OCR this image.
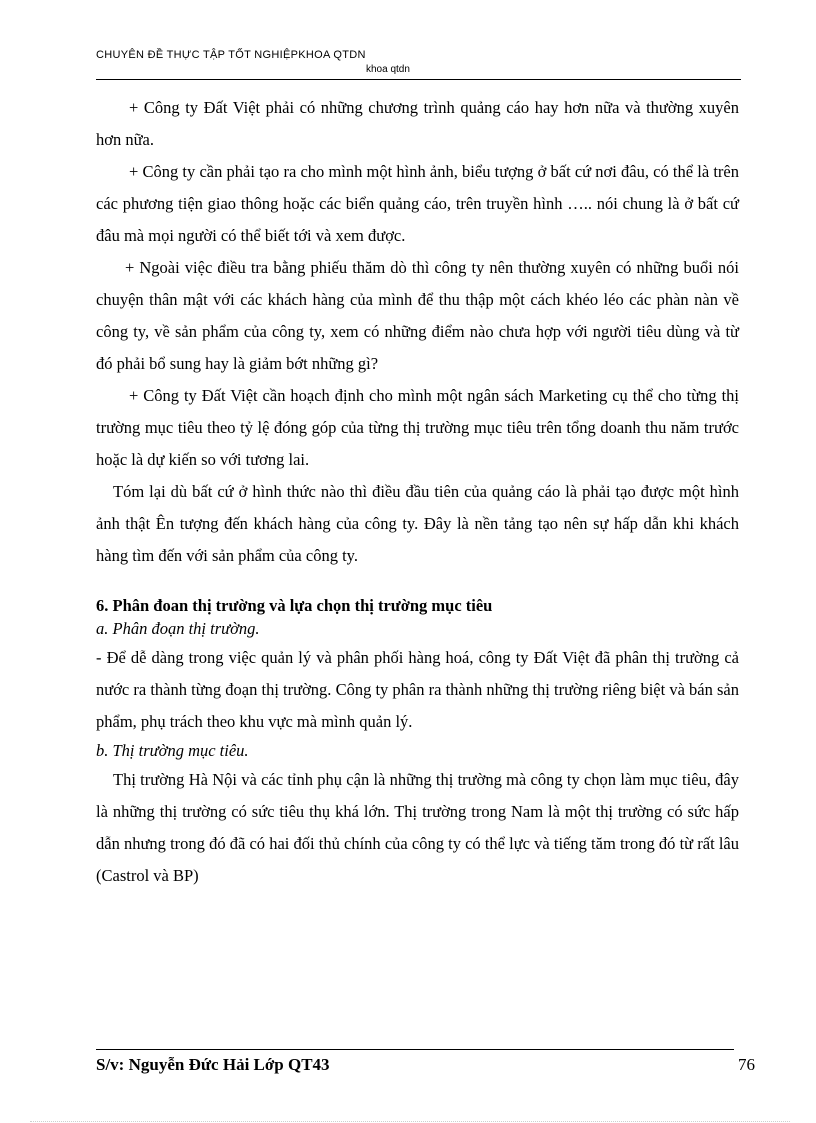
CHUYÊN ĐỀ THỰC TẬP TỐT NGHIỆPKHOA QTDN
khoa qtdn

+ Công ty Đất Việt phải có những chương trình quảng cáo hay hơn nữa và thường xuyên hơn nữa.

+ Công ty cần phải tạo ra cho mình một hình ảnh, biểu tượng ở bất cứ nơi đâu, có thể là trên các phương tiện giao thông hoặc các biển quảng cáo, trên truyền hình ….. nói chung là ở bất cứ đâu mà mọi người có thể biết tới và xem được.

+ Ngoài việc điều tra bằng phiếu thăm dò thì công ty nên thường xuyên có những buổi nói chuyện thân mật với các khách hàng của mình để thu thập một cách khéo léo các phàn nàn về công ty, về sản phẩm của công ty, xem có những điểm nào chưa hợp với người tiêu dùng và từ đó phải bổ sung hay là giảm bớt những gì?

+ Công ty Đất Việt cần hoạch định cho mình một ngân sách Marketing cụ thể cho từng thị trường mục tiêu theo tỷ lệ đóng góp của từng thị trường mục tiêu trên tổng doanh thu năm trước hoặc là dự kiến so với tương lai.

Tóm lại dù bất cứ ở hình thức nào thì điều đầu tiên của quảng cáo là phải tạo được một hình ảnh thật Ên tượng đến khách hàng của công ty. Đây là nền tảng tạo nên sự hấp dẫn khi khách hàng tìm đến với sản phẩm của công ty.

6. Phân đoan thị trường và lựa chọn thị trường mục tiêu

a. Phân đoạn thị trường.

- Để dễ dàng trong việc quản lý và phân phối hàng hoá, công ty Đất Việt đã phân thị trường cả nước ra thành từng đoạn thị trường. Công ty phân ra thành những thị trường riêng biệt và bán sản phẩm, phụ trách theo khu vực mà mình quản lý.

b. Thị trường mục tiêu.

Thị trường Hà Nội và các tỉnh phụ cận là những thị trường mà công ty chọn làm mục tiêu, đây là những thị trường có sức tiêu thụ khá lớn. Thị trường trong Nam là một thị trường có sức hấp dẫn nhưng trong đó đã có hai đối thủ chính của công ty có thể lực và tiếng tăm trong đó từ rất lâu (Castrol và BP)

S/v: Nguyễn Đức Hải Lớp QT43	76
